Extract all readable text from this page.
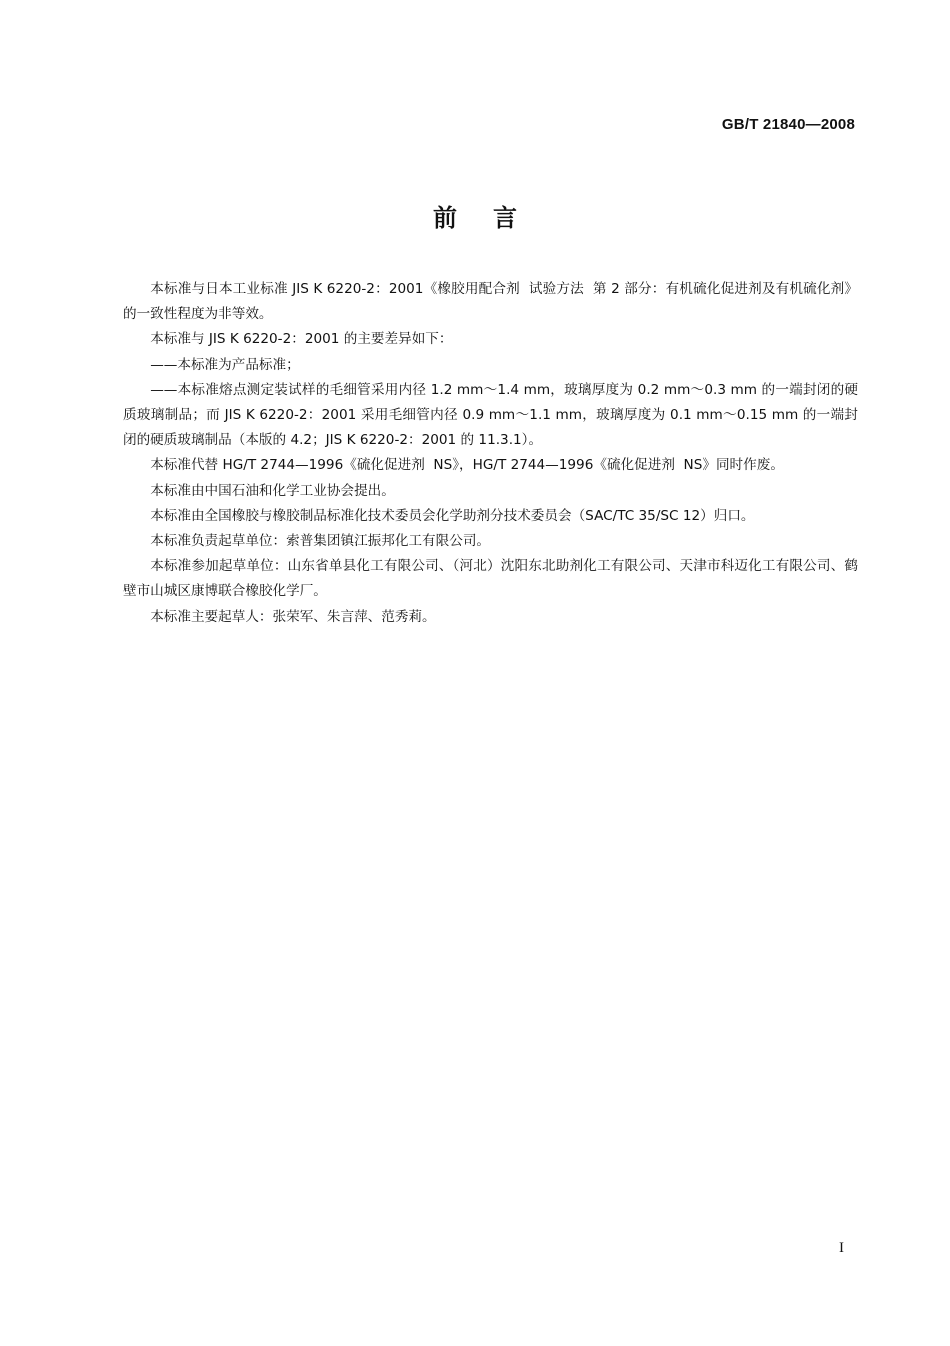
GB/T 21840—2008
前言

本标准与日本工业标准 JIS K 6220-2：2001《橡胶用配合剂  试验方法  第 2 部分：有机硫化促进剂及有机硫化剂》的一致性程度为非等效。

本标准与 JIS K 6220-2：2001 的主要差异如下：

——本标准为产品标准；

——本标准熔点测定装试样的毛细管采用内径 1.2 mm～1.4 mm，玻璃厚度为 0.2 mm～0.3 mm 的一端封闭的硬质玻璃制品；而 JIS K 6220-2：2001 采用毛细管内径 0.9 mm～1.1 mm，玻璃厚度为 0.1 mm～0.15 mm 的一端封闭的硬质玻璃制品（本版的 4.2；JIS K 6220-2：2001 的 11.3.1）。

本标准代替 HG/T 2744—1996《硫化促进剂  NS》，HG/T 2744—1996《硫化促进剂  NS》同时作废。

本标准由中国石油和化学工业协会提出。

本标准由全国橡胶与橡胶制品标准化技术委员会化学助剂分技术委员会（SAC/TC 35/SC 12）归口。

本标准负责起草单位：索普集团镇江振邦化工有限公司。

本标准参加起草单位：山东省单县化工有限公司、（河北）沈阳东北助剂化工有限公司、天津市科迈化工有限公司、鹤壁市山城区康博联合橡胶化学厂。

本标准主要起草人：张荣军、朱言萍、范秀莉。

I
